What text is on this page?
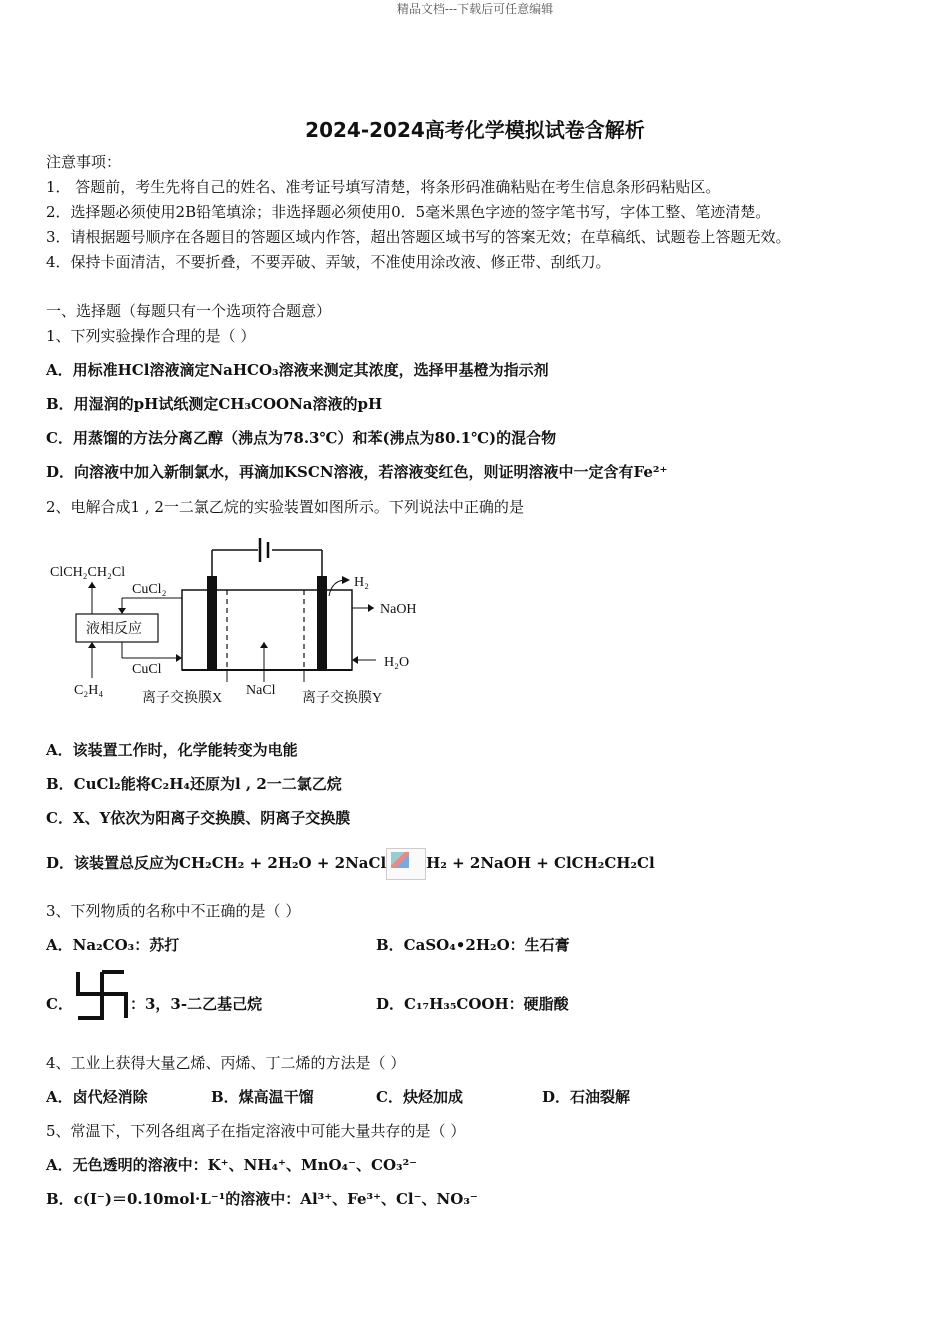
精品文档---下载后可任意编辑
2024-2024高考化学模拟试卷含解析
注意事项：
1． 答题前，考生先将自己的姓名、准考证号填写清楚，将条形码准确粘贴在考生信息条形码粘贴区。
2．选择题必须使用2B铅笔填涂；非选择题必须使用0．5毫米黑色字迹的签字笔书写，字体工整、笔迹清楚。
3．请根据题号顺序在各题目的答题区域内作答，超出答题区域书写的答案无效；在草稿纸、试题卷上答题无效。
4．保持卡面清洁，不要折叠，不要弄破、弄皱，不准使用涂改液、修正带、刮纸刀。
一、选择题（每题只有一个选项符合题意）
1、下列实验操作合理的是（ ）
A．用标准HCl溶液滴定NaHCO₃溶液来测定其浓度，选择甲基橙为指示剂
B．用湿润的pH试纸测定CH₃COONa溶液的pH
C．用蒸馏的方法分离乙醇（沸点为78.3℃）和苯(沸点为80.1℃)的混合物
D．向溶液中加入新制氯水，再滴加KSCN溶液，若溶液变红色，则证明溶液中一定含有Fe²⁺
2、电解合成1 , 2一二氯乙烷的实验装置如图所示。下列说法中正确的是
液相反应
CuCl₂
CuCl
ClCH₂CH₂Cl
C₂H₄	NaCl
离子交换膜X	离子交换膜Y
H₂
NaOH
H₂O
A．该装置工作时，化学能转变为电能
B．CuCl₂能将C₂H₄还原为l , 2一二氯乙烷
C．X、Y依次为阳离子交换膜、阴离子交换膜
D．该装置总反应为CH₂CH₂ + 2H₂O + 2NaCl	H₂ + 2NaOH + ClCH₂CH₂Cl
3、下列物质的名称中不正确的是（ ）
A．Na₂CO₃：苏打	B．CaSO₄•2H₂O：生石膏
C．	：3，3-二乙基己烷	D．C₁₇H₃₅COOH：硬脂酸
4、工业上获得大量乙烯、丙烯、丁二烯的方法是（ ）
A．卤代烃消除	B．煤高温干馏	C．炔烃加成	D．石油裂解
5、常温下，下列各组离子在指定溶液中可能大量共存的是（ ）
A．无色透明的溶液中：K⁺、NH₄⁺、MnO₄⁻、CO₃²⁻
B．c(I⁻)＝0.10mol·L⁻¹的溶液中：Al³⁺、Fe³⁺、Cl⁻、NO₃⁻
